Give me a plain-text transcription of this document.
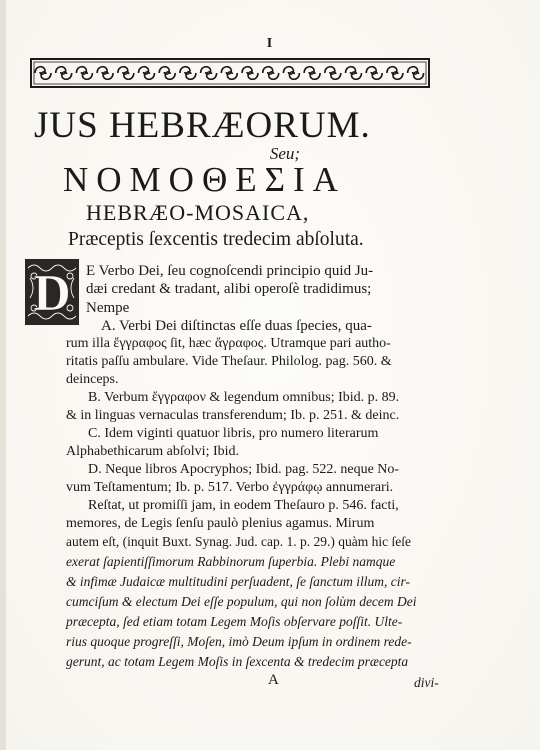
I
JUS HEBRÆORUM.
Seu;
ΝΟΜΟΘΕΣΙΑ
HEBRÆO-MOSAICA,
Præceptis ſexcentis tredecim abſoluta.
D E Verbo Dei, ſeu cognoſcendi principio quid Ju-
dæi credant & tradant, alibi operoſè tradidimus;
Nempe
A. Verbi Dei diſtinctas eſſe duas ſpecies, qua-
rum illa ἔγγραφος ſit, hæc ἄγραφος. Utramque pari autho-
ritatis paſſu ambulare. Vide Theſaur. Philolog. pag. 560. &
deinceps.
B. Verbum ἔγγραφον & legendum omnibus; Ibid. p. 89.
& in linguas vernaculas transferendum; Ib. p. 251. & deinc.
C. Idem viginti quatuor libris, pro numero literarum
Alphabethicarum abſolvi; Ibid.
D. Neque libros Apocryphos; Ibid. pag. 522. neque No-
vum Teſtamentum; Ib. p. 517. Verbo ἐγγράφῳ annumerari.
Reſtat, ut promiſſi jam, in eodem Theſauro p. 546. facti,
memores, de Legis ſenſu paulò plenius agamus. Mirum
autem eſt, (inquit Buxt. Synag. Jud. cap. 1. p. 29.) quàm hic ſeſe
exerat ſapientiſſimorum Rabbinorum ſuperbia. Plebi namque
& infimæ Judaicæ multitudini perſuadent, ſe ſanctum illum, cir-
cumciſum & electum Dei eſſe populum, qui non ſolùm decem Dei
præcepta, ſed etiam totam Legem Moſis obſervare poſſit. Ulte-
rius quoque progreſſi, Moſen, imò Deum ipſum in ordinem rede-
gerunt, ac totam Legem Moſis in ſexcenta & tredecim præcepta
A	divi-
